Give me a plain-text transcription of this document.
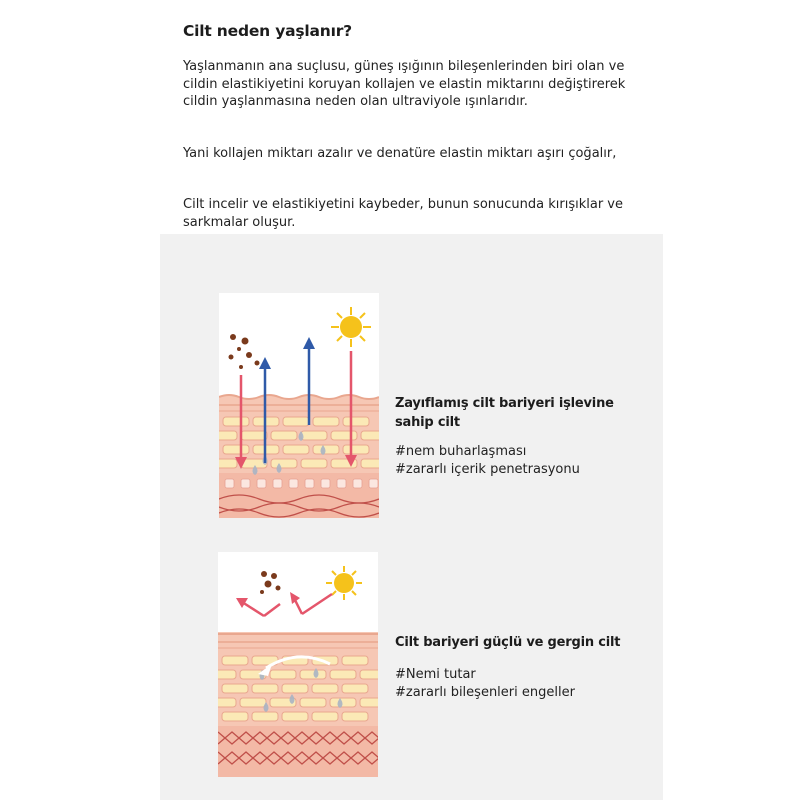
Cilt neden yaşlanır?

Yaşlanmanın ana suçlusu, güneş ışığının bileşenlerinden biri olan ve cildin elastikiyetini koruyan kollajen ve elastin miktarını değiştirerek cildin yaşlanmasına neden olan ultraviyole ışınlarıdır.

Yani kollajen miktarı azalır ve denatüre elastin miktarı aşırı çoğalır,

Cilt incelir ve elastikiyetini kaybeder, bunun sonucunda kırışıklar ve sarkmalar oluşur.

Zayıflamış cilt bariyeri işlevine sahip cilt
#nem buharlaşması
#zararlı içerik penetrasyonu
Cilt bariyeri güçlü ve gergin cilt
#Nemi tutar
#zararlı bileşenleri engeller
